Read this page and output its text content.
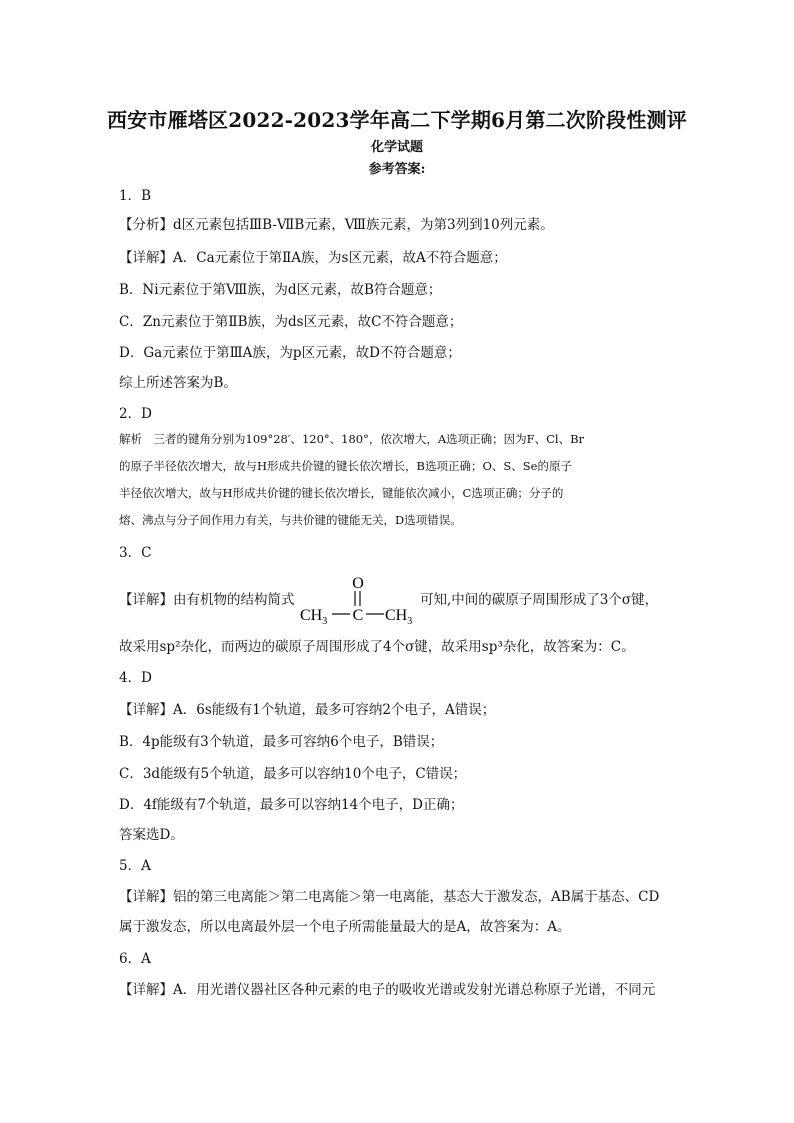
西安市雁塔区2022-2023学年高二下学期6月第二次阶段性测评
化学试题
参考答案:
1．B
【分析】d区元素包括ⅢB-ⅦB元素，Ⅷ族元素，为第3列到10列元素。
【详解】A．Ca元素位于第ⅡA族，为s区元素，故A不符合题意；
B．Ni元素位于第Ⅷ族，为d区元素，故B符合题意；
C．Zn元素位于第ⅡB族，为ds区元素，故C不符合题意；
D．Ga元素位于第ⅢA族，为p区元素，故D不符合题意；
综上所述答案为B。
2．D
解析　三者的键角分别为109°28′、120°、180°，依次增大，A选项正确；因为F、Cl、Br
的原子半径依次增大，故与H形成共价键的键长依次增长，B选项正确；O、S、Se的原子
半径依次增大，故与H形成共价键的键长依次增长，键能依次减小，C选项正确；分子的
熔、沸点与分子间作用力有关，与共价键的键能无关，D选项错误。
3．C
【详解】由有机物的结构简式
O
$CH_3$ C $CH_3$
可知,中间的碳原子周围形成了3个σ键，
故采用sp²杂化，而两边的碳原子周围形成了4个σ键，故采用sp³杂化，故答案为：C。
4．D
【详解】A．6s能级有1个轨道，最多可容纳2个电子，A错误；
B．4p能级有3个轨道，最多可容纳6个电子，B错误；
C．3d能级有5个轨道，最多可以容纳10个电子，C错误；
D．4f能级有7个轨道，最多可以容纳14个电子，D正确；
答案选D。
5．A
【详解】铝的第三电离能＞第二电离能＞第一电离能，基态大于激发态，AB属于基态、CD
属于激发态，所以电离最外层一个电子所需能量最大的是A，故答案为：A。
6．A
【详解】A．用光谱仪器社区各种元素的电子的吸收光谱或发射光谱总称原子光谱，不同元
